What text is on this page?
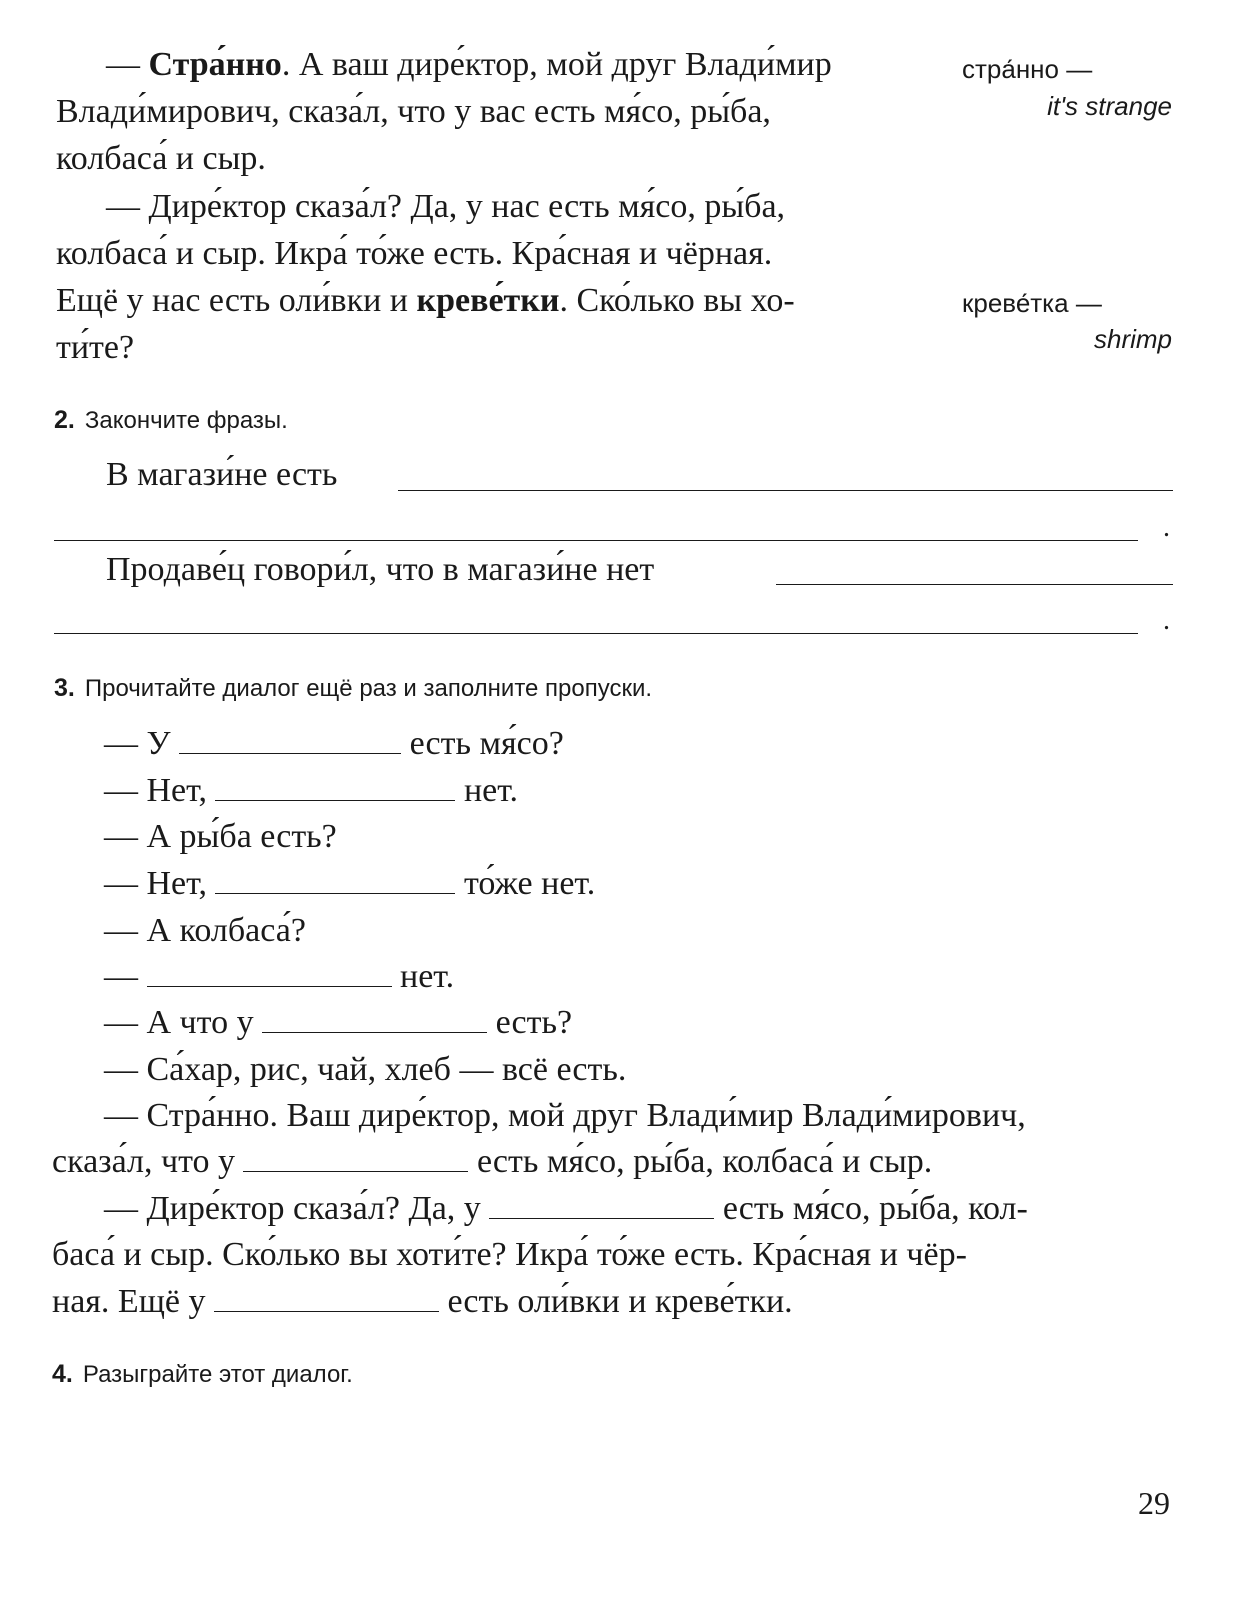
— Стра́нно. А ваш дире́ктор, мой друг Влади́мир
Влади́мирович, сказа́л, что у вас есть мя́со, ры́ба,
колбаса́ и сыр.
— Дире́ктор сказа́л? Да, у нас есть мя́со, ры́ба,
колбаса́ и сыр. Икра́ то́же есть. Кра́сная и чёрная.
Ещё у нас есть оли́вки и креве́тки. Ско́лько вы хо-
ти́те?
стра́нно —
it's strange
креве́тка —
shrimp
2. Закончите фразы.
В магази́не есть
.
Продаве́ц говори́л, что в магази́не нет
.
3. Прочитайте диалог ещё раз и заполните пропуски.
— У	есть мя́со?
— Нет,	нет.
— А ры́ба есть?
— Нет,	то́же нет.
— А колбаса́?
—	нет.
— А что у	есть?
— Са́хар, рис, чай, хлеб — всё есть.
— Стра́нно. Ваш дире́ктор, мой друг Влади́мир Влади́мирович,
сказа́л, что у	есть мя́со, ры́ба, колбаса́ и сыр.
— Дире́ктор сказа́л? Да, у	есть мя́со, ры́ба, кол-
баса́ и сыр. Ско́лько вы хоти́те? Икра́ то́же есть. Кра́сная и чёр-
ная. Ещё у	есть оли́вки и креве́тки.
4. Разыграйте этот диалог.
29
